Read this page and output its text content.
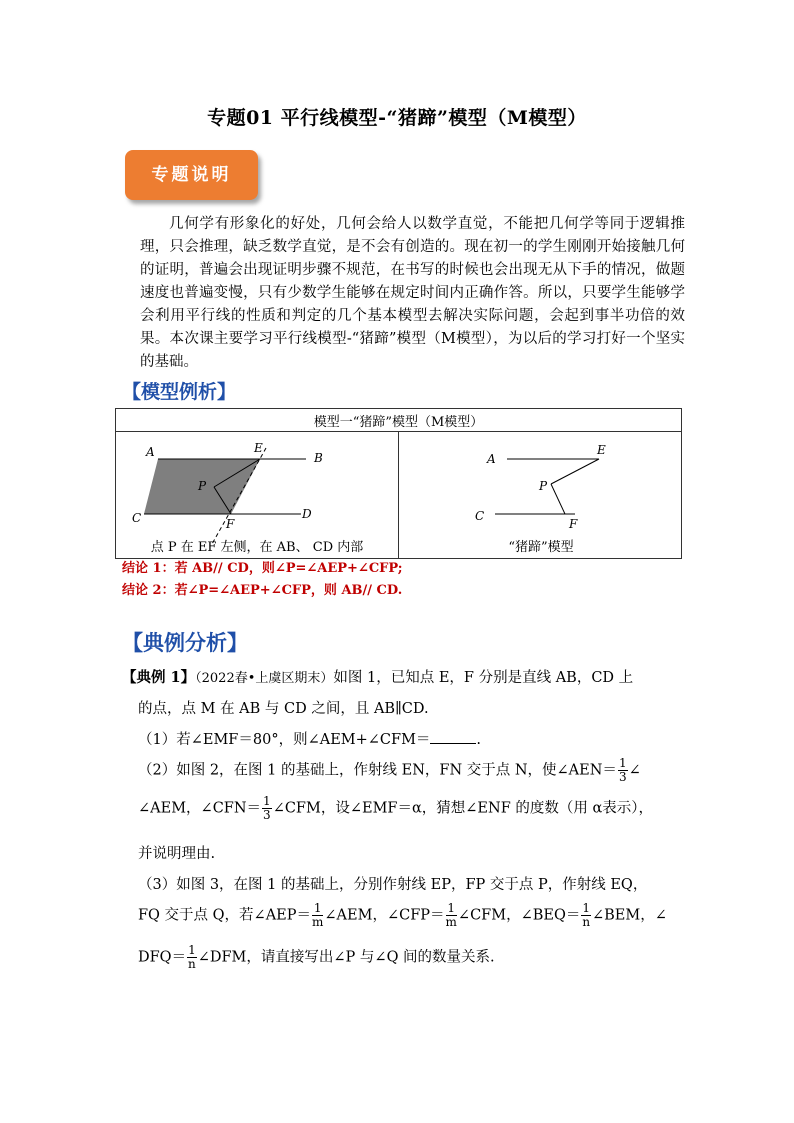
专题01 平行线模型-“猪蹄”模型（M模型）
专题说明
几何学有形象化的好处，几何会给人以数学直觉，不能把几何学等同于逻辑推理，只会推理，缺乏数学直觉，是不会有创造的。现在初一的学生刚刚开始接触几何的证明，普遍会出现证明步骤不规范，在书写的时候也会出现无从下手的情况，做题速度也普遍变慢，只有少数学生能够在规定时间内正确作答。所以，只要学生能够学会利用平行线的性质和判定的几个基本模型去解决实际问题，会起到事半功倍的效果。本次课主要学习平行线模型-“猪蹄”模型（M模型），为以后的学习打好一个坚实的基础。
【模型例析】
模型一“猪蹄”模型（M模型）

A	B
C	D
E
F
P
点 P 在 EF 左侧，在 AB、 CD 内部

A
E
C
F
P
“猪蹄”模型
结论 1：若 AB// CD，则∠P=∠AEP+∠CFP;
结论 2：若∠P=∠AEP+∠CFP，则 AB// CD.
【典例分析】
【典例 1】（2022春•上虞区期末）如图 1，已知点 E，F 分别是直线 AB，CD 上
的点，点 M 在 AB 与 CD 之间，且 AB∥CD.
（1）若∠EMF＝80°，则∠AEM+∠CFM＝	.
（2）如图 2，在图 1 的基础上，作射线 EN，FN 交于点 N，使∠AEN＝ $\frac{1}{3}$ ∠
∠AEM，∠CFN＝ $\frac{1}{3}$ ∠CFM，设∠EMF＝α，猜想∠ENF 的度数（用 α表示），
并说明理由.
（3）如图 3，在图 1 的基础上，分别作射线 EP，FP 交于点 P，作射线 EQ，
FQ 交于点 Q，若∠AEP＝ $\frac{1}{m}$ ∠AEM，∠CFP＝ $\frac{1}{m}$ ∠CFM，∠BEQ＝ $\frac{1}{n}$ ∠BEM，∠
$DFQ= \frac{1}{n}$ ∠DFM，请直接写出∠P 与∠Q 间的数量关系.
